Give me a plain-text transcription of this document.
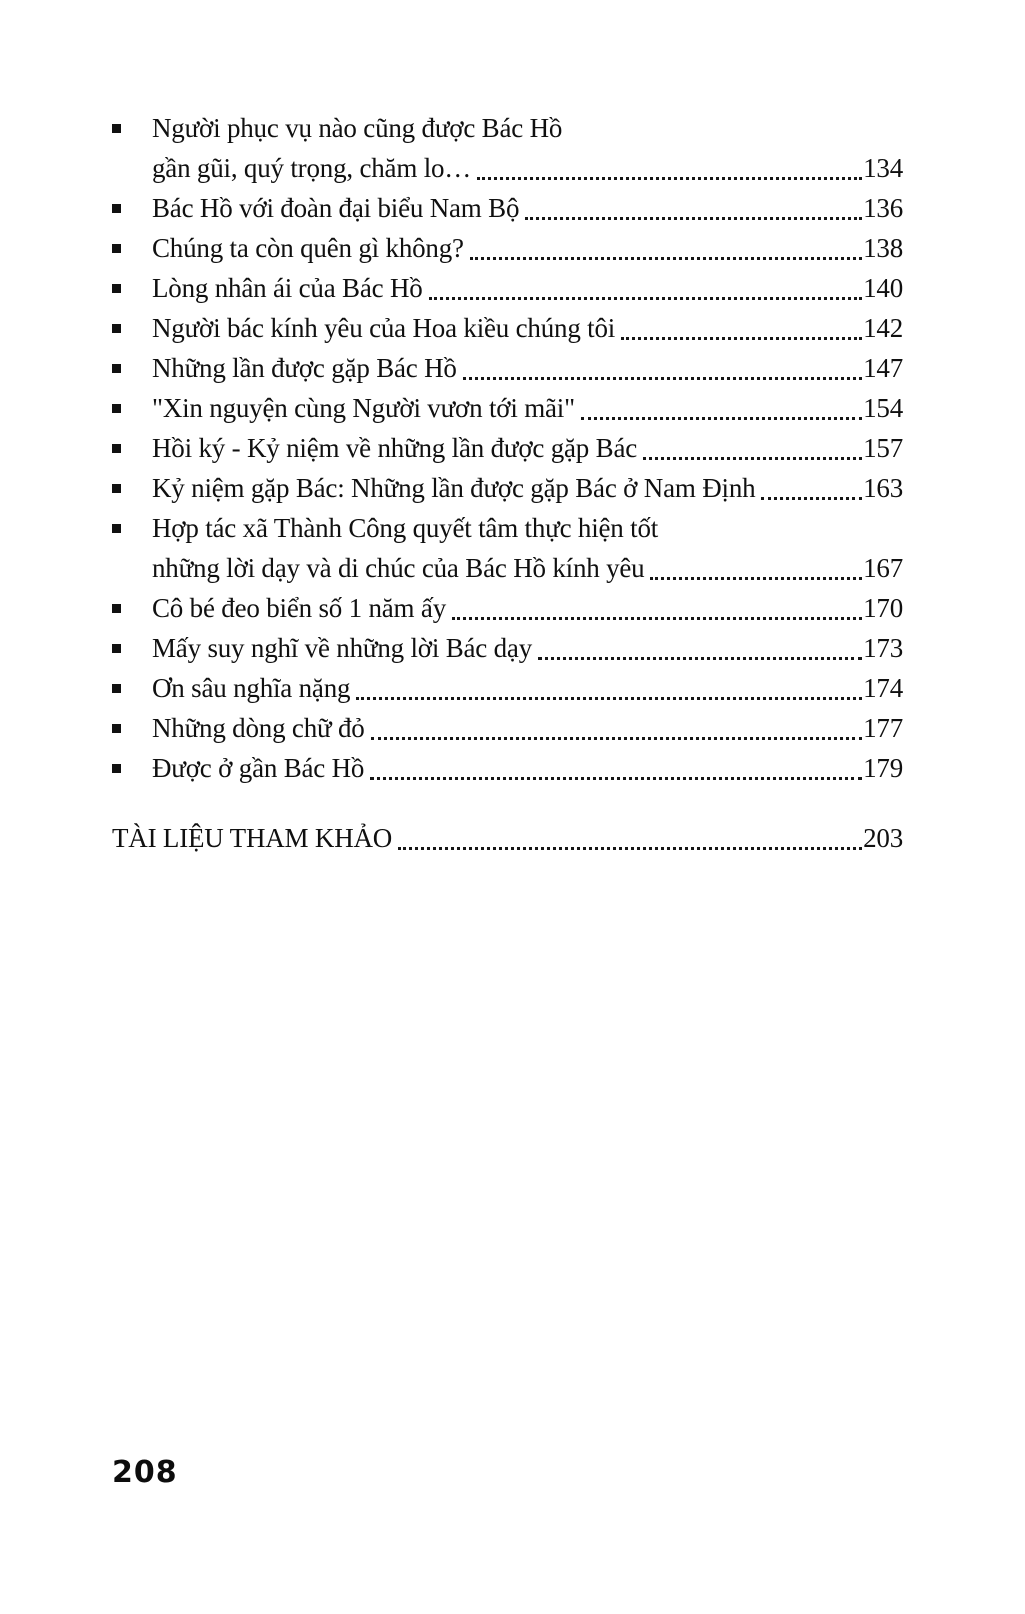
Người phục vụ nào cũng được Bác Hồ
gần gũi, quý trọng, chăm lo…	134
Bác Hồ với đoàn đại biểu Nam Bộ	136
Chúng ta còn quên gì không?	138
Lòng nhân ái của Bác Hồ	140
Người bác kính yêu của Hoa kiều chúng tôi	142
Những lần được gặp Bác Hồ	147
"Xin nguyện cùng Người vươn tới mãi"	154
Hồi ký - Kỷ niệm về những lần được gặp Bác	157
Kỷ niệm gặp Bác: Những lần được gặp Bác ở Nam Định	163
Hợp tác xã Thành Công quyết tâm thực hiện tốt
những lời dạy và di chúc của Bác Hồ kính yêu	167
Cô bé đeo biển số 1 năm ấy	170
Mấy suy nghĩ về những lời Bác dạy	173
Ơn sâu nghĩa nặng	174
Những dòng chữ đỏ	177
Được ở gần Bác Hồ	179
TÀI LIỆU THAM KHẢO	203
208
